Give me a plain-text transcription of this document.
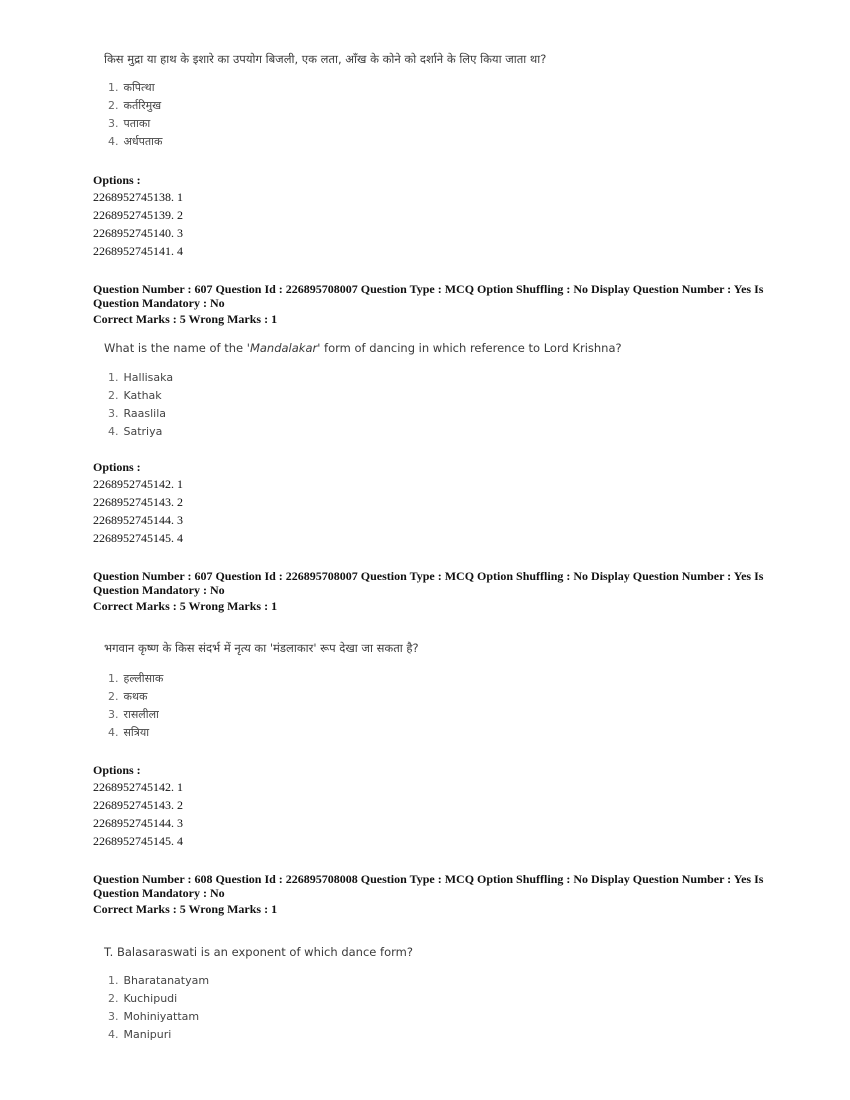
किस मुद्रा या हाथ के इशारे का उपयोग बिजली, एक लता, आँख के कोने को दर्शाने के लिए किया जाता था?
1. कपित्था
2. कर्तरिमुख
3. पताका
4. अर्धपताक
Options :
2268952745138. 1
2268952745139. 2
2268952745140. 3
2268952745141. 4
Question Number : 607 Question Id : 226895708007 Question Type : MCQ Option Shuffling : No Display Question Number : Yes Is Question Mandatory : No
Correct Marks : 5 Wrong Marks : 1
What is the name of the 'Mandalakar' form of dancing in which reference to Lord Krishna?
1. Hallisaka
2. Kathak
3. Raaslila
4. Satriya
Options :
2268952745142. 1
2268952745143. 2
2268952745144. 3
2268952745145. 4
Question Number : 607 Question Id : 226895708007 Question Type : MCQ Option Shuffling : No Display Question Number : Yes Is Question Mandatory : No
Correct Marks : 5 Wrong Marks : 1
भगवान कृष्ण के किस संदर्भ में नृत्य का 'मंडलाकार' रूप देखा जा सकता है?
1. हल्लीसाक
2. कथक
3. रासलीला
4. सत्रिया
Options :
2268952745142. 1
2268952745143. 2
2268952745144. 3
2268952745145. 4
Question Number : 608 Question Id : 226895708008 Question Type : MCQ Option Shuffling : No Display Question Number : Yes Is Question Mandatory : No
Correct Marks : 5 Wrong Marks : 1
T. Balasaraswati is an exponent of which dance form?
1. Bharatanatyam
2. Kuchipudi
3. Mohiniyattam
4. Manipuri
